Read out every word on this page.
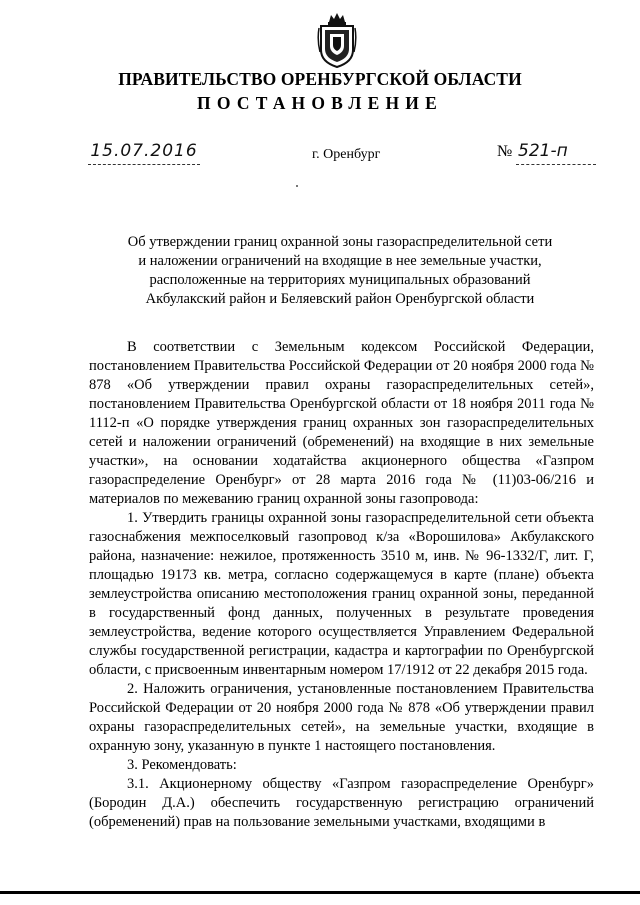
ПРАВИТЕЛЬСТВО ОРЕНБУРГСКОЙ ОБЛАСТИ
ПОСТАНОВЛЕНИЕ
15.07.2016	г. Оренбург	№ 521-п
Об утверждении границ охранной зоны газораспределительной сети
и наложении ограничений на входящие в нее земельные участки,
расположенные на территориях муниципальных образований
Акбулакский район и Беляевский район Оренбургской области

В соответствии с Земельным кодексом Российской Федерации, постановлением Правительства Российской Федерации от 20 ноября 2000 года № 878 «Об утверждении правил охраны газораспределительных сетей», постановлением Правительства Оренбургской области от 18 ноября 2011 года № 1112-п «О порядке утверждения границ охранных зон газораспределительных сетей и наложении ограничений (обременений) на входящие в них земельные участки», на основании ходатайства акционерного общества «Газпром газораспределение Оренбург» от 28 марта 2016 года № (11)03-06/216 и материалов по межеванию границ охранной зоны газопровода:

1. Утвердить границы охранной зоны газораспределительной сети объекта газоснабжения межпоселковый газопровод к/за «Ворошилова» Акбулакского района, назначение: нежилое, протяженность 3510 м, инв. № 96-1332/Г, лит. Г, площадью 19173 кв. метра, согласно содержащемуся в карте (плане) объекта землеустройства описанию местоположения границ охранной зоны, переданной в государственный фонд данных, полученных в результате проведения землеустройства, ведение которого осуществляется Управлением Федеральной службы государственной регистрации, кадастра и картографии по Оренбургской области, с присвоенным инвентарным номером 17/1912 от 22 декабря 2015 года.

2. Наложить ограничения, установленные постановлением Правительства Российской Федерации от 20 ноября 2000 года № 878 «Об утверждении правил охраны газораспределительных сетей», на земельные участки, входящие в охранную зону, указанную в пункте 1 настоящего постановления.

3. Рекомендовать:

3.1. Акционерному обществу «Газпром газораспределение Оренбург» (Бородин Д.А.) обеспечить государственную регистрацию ограничений (обременений) прав на пользование земельными участками, входящими в
